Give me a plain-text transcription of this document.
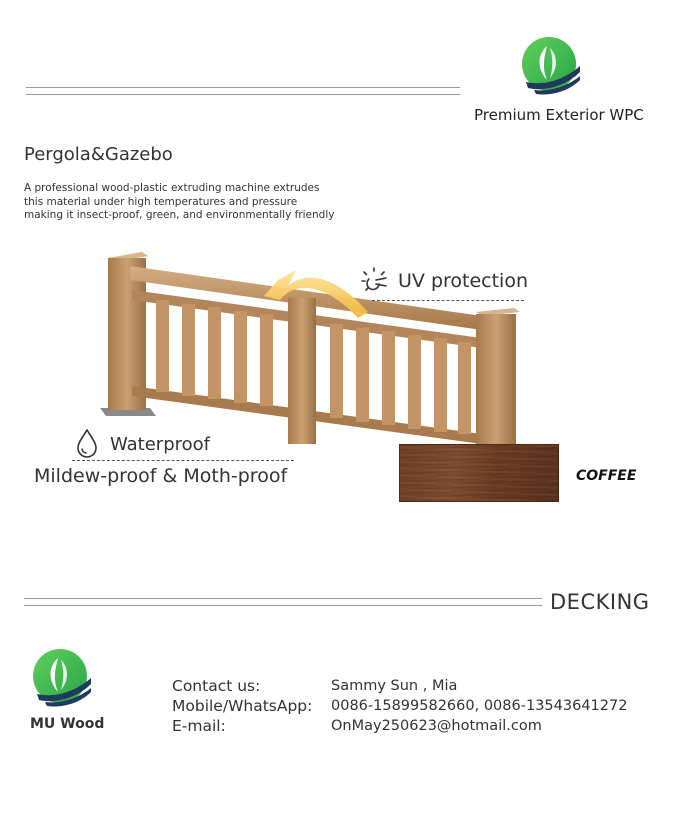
Premium Exterior WPC
Pergola&Gazebo
A professional wood-plastic extruding machine extrudes
this material under high temperatures and pressure
making it insect-proof, green, and environmentally friendly
UV protection
Waterproof
Mildew-proof & Moth-proof	COFFEE
DECKING
MU Wood
Contact us:
Mobile/WhatsApp:
E-mail:
Sammy Sun , Mia
0086-15899582660, 0086-13543641272
OnMay250623@hotmail.com
